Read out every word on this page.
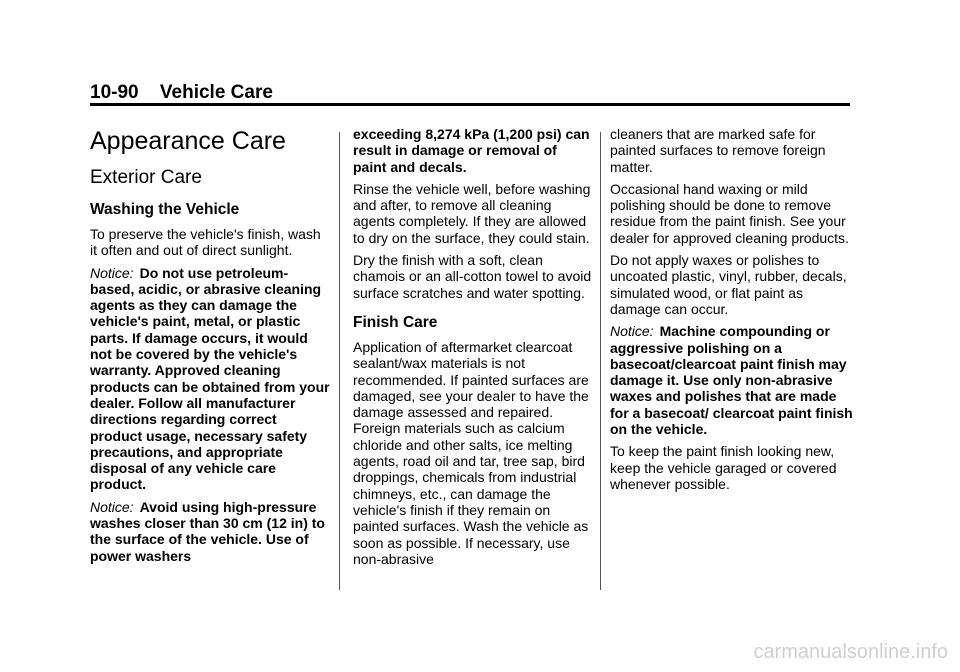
10-90 Vehicle Care
Appearance Care
Exterior Care
Washing the Vehicle

To preserve the vehicle's finish, wash it often and out of direct sunlight.

Notice: Do not use petroleum-based, acidic, or abrasive cleaning agents as they can damage the vehicle's paint, metal, or plastic parts. If damage occurs, it would not be covered by the vehicle's warranty. Approved cleaning products can be obtained from your dealer. Follow all manufacturer directions regarding correct product usage, necessary safety precautions, and appropriate disposal of any vehicle care product.

Notice: Avoid using high-pressure washes closer than 30 cm (12 in) to the surface of the vehicle. Use of power washers

exceeding 8,274 kPa (1,200 psi) can result in damage or removal of paint and decals.

Rinse the vehicle well, before washing and after, to remove all cleaning agents completely. If they are allowed to dry on the surface, they could stain.

Dry the finish with a soft, clean chamois or an all-cotton towel to avoid surface scratches and water spotting.

Finish Care

Application of aftermarket clearcoat sealant/wax materials is not recommended. If painted surfaces are damaged, see your dealer to have the damage assessed and repaired. Foreign materials such as calcium chloride and other salts, ice melting agents, road oil and tar, tree sap, bird droppings, chemicals from industrial chimneys, etc., can damage the vehicle's finish if they remain on painted surfaces. Wash the vehicle as soon as possible. If necessary, use non-abrasive

cleaners that are marked safe for painted surfaces to remove foreign matter.

Occasional hand waxing or mild polishing should be done to remove residue from the paint finish. See your dealer for approved cleaning products.

Do not apply waxes or polishes to uncoated plastic, vinyl, rubber, decals, simulated wood, or flat paint as damage can occur.

Notice: Machine compounding or aggressive polishing on a basecoat/clearcoat paint finish may damage it. Use only non-abrasive waxes and polishes that are made for a basecoat/ clearcoat paint finish on the vehicle.

To keep the paint finish looking new, keep the vehicle garaged or covered whenever possible.

carmanualsonline.info
